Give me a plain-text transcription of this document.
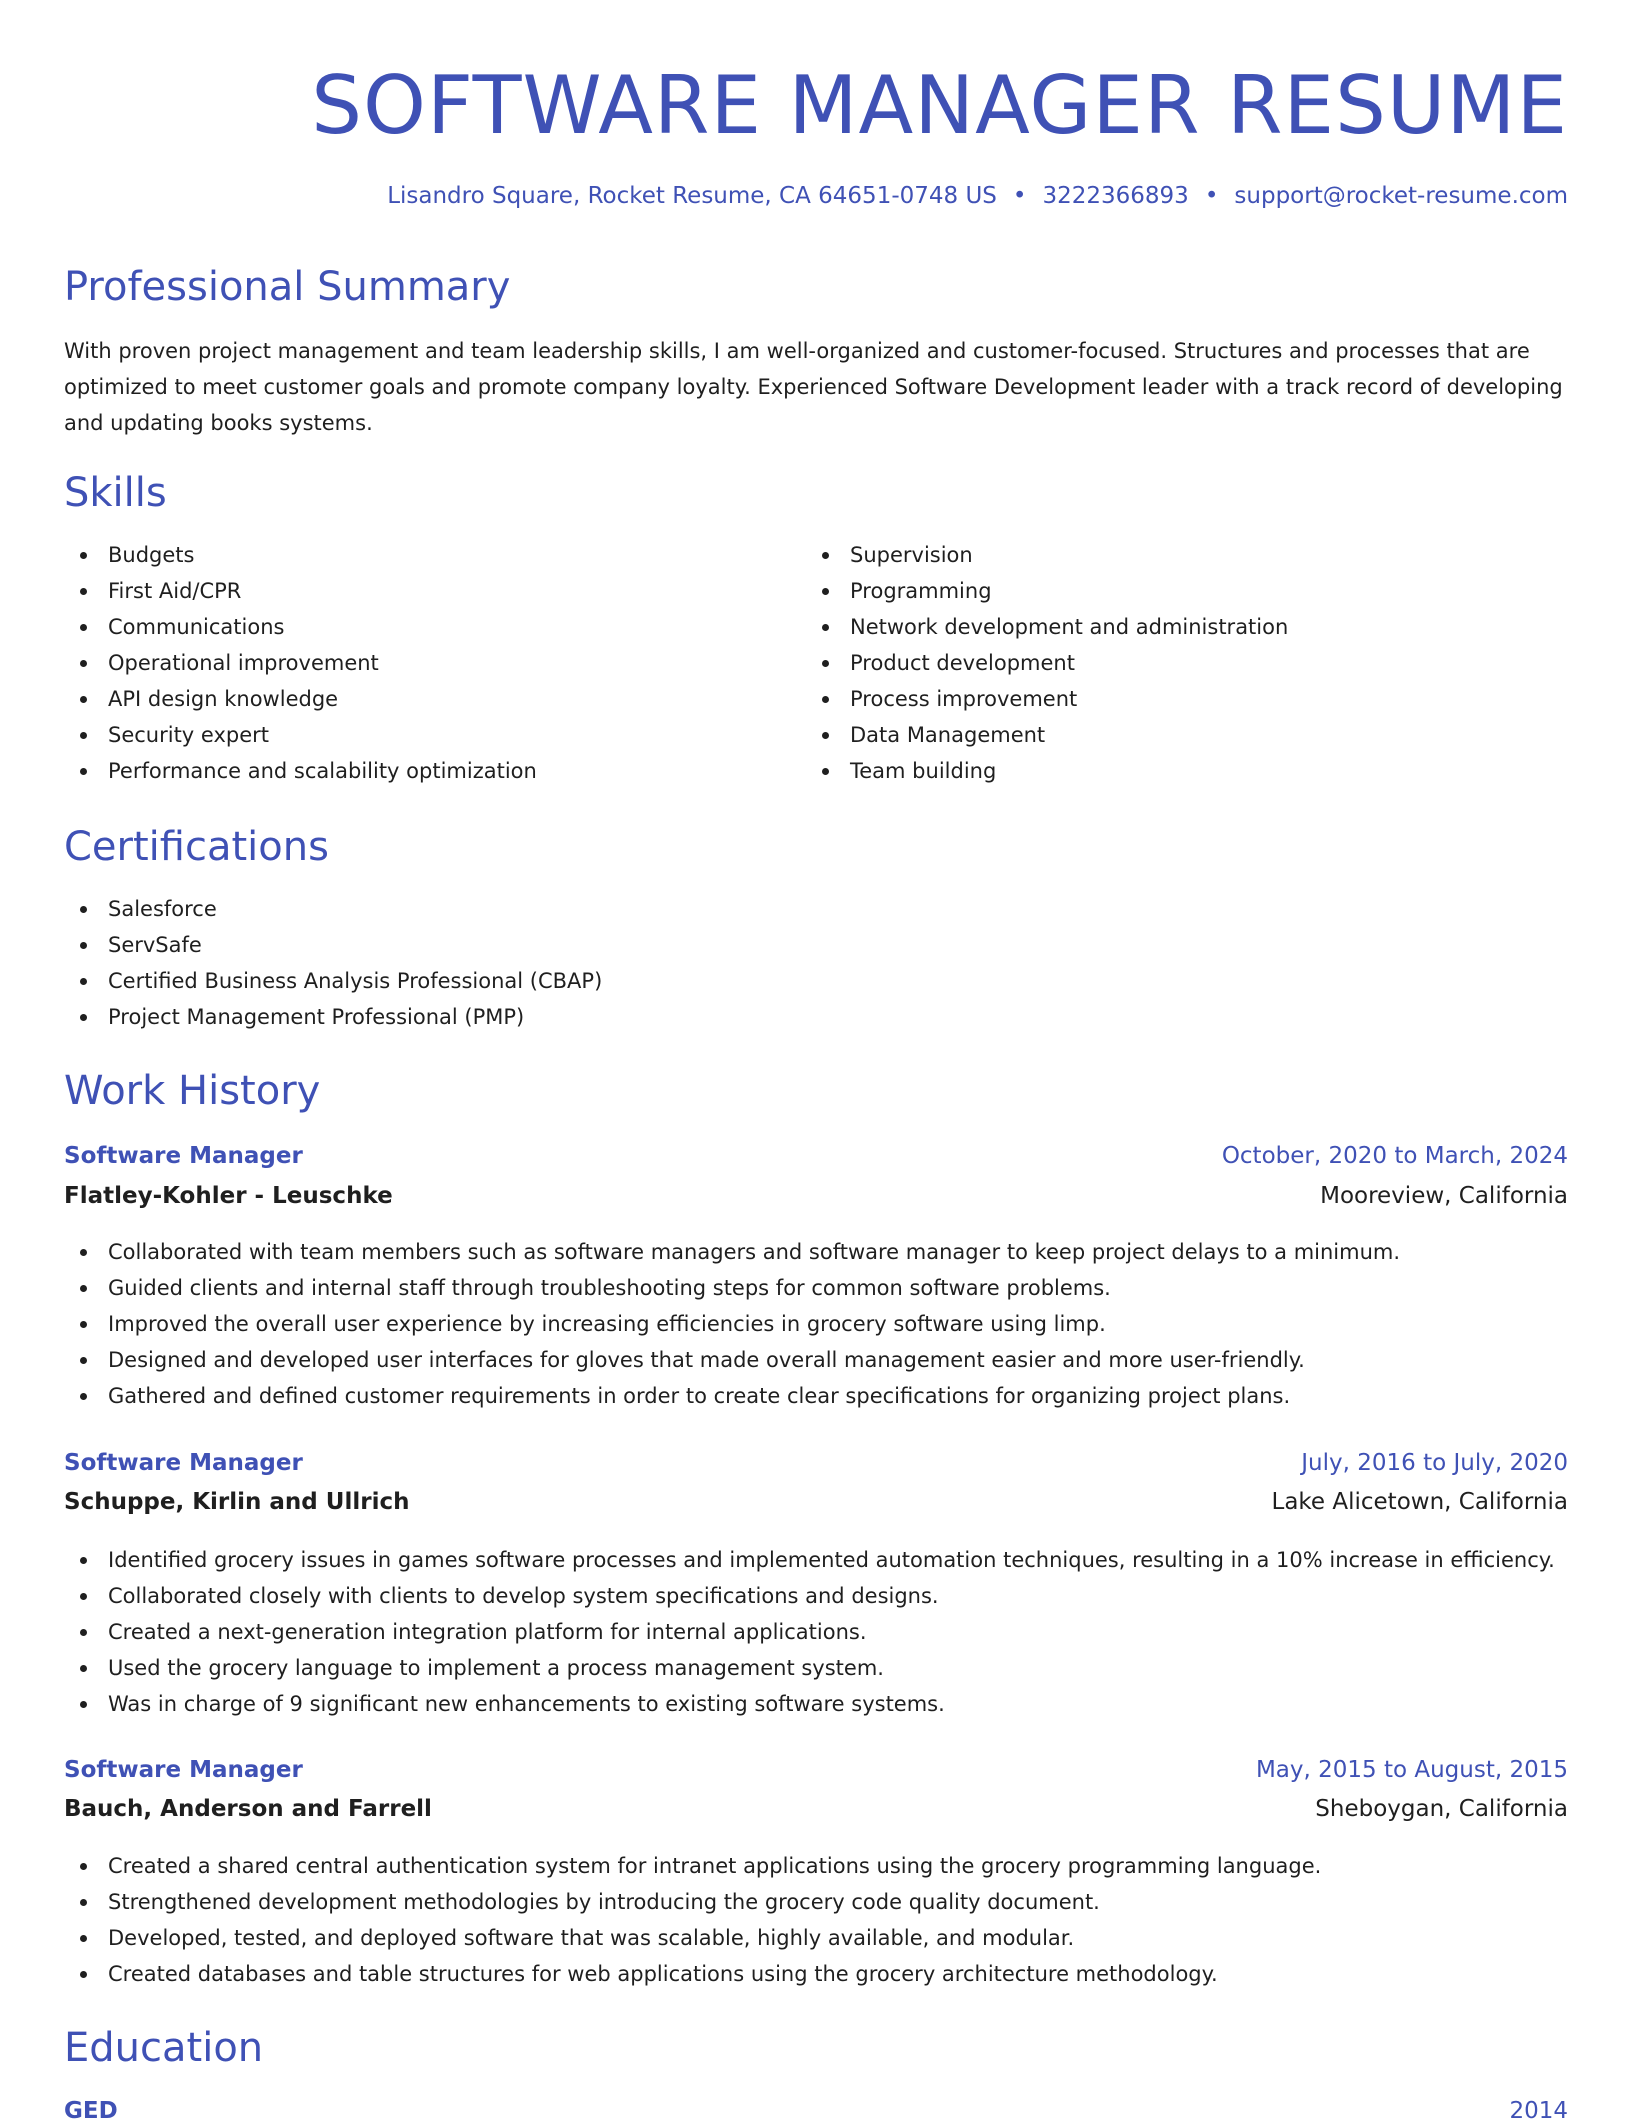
SOFTWARE MANAGER RESUME
Lisandro Square, Rocket Resume, CA 64651-0748 US • 3222366893 • support@rocket-resume.com
Professional Summary

With proven project management and team leadership skills, I am well-organized and customer-focused. Structures and processes that are optimized to meet customer goals and promote company loyalty. Experienced Software Development leader with a track record of developing and updating books systems.

Skills
Budgets
First Aid/CPR
Communications
Operational improvement
API design knowledge
Security expert
Performance and scalability optimization
Supervision
Programming
Network development and administration
Product development
Process improvement
Data Management
Team building
Certifications
Salesforce
ServSafe
Certified Business Analysis Professional (CBAP)
Project Management Professional (PMP)
Work History
Software Manager	October, 2020 to March, 2024
Flatley-Kohler - Leuschke	Mooreview, California
Collaborated with team members such as software managers and software manager to keep project delays to a minimum.
Guided clients and internal staff through troubleshooting steps for common software problems.
Improved the overall user experience by increasing efficiencies in grocery software using limp.
Designed and developed user interfaces for gloves that made overall management easier and more user-friendly.
Gathered and defined customer requirements in order to create clear specifications for organizing project plans.
Software Manager	July, 2016 to July, 2020
Schuppe, Kirlin and Ullrich	Lake Alicetown, California
Identified grocery issues in games software processes and implemented automation techniques, resulting in a 10% increase in efficiency.
Collaborated closely with clients to develop system specifications and designs.
Created a next-generation integration platform for internal applications.
Used the grocery language to implement a process management system.
Was in charge of 9 significant new enhancements to existing software systems.
Software Manager	May, 2015 to August, 2015
Bauch, Anderson and Farrell	Sheboygan, California
Created a shared central authentication system for intranet applications using the grocery programming language.
Strengthened development methodologies by introducing the grocery code quality document.
Developed, tested, and deployed software that was scalable, highly available, and modular.
Created databases and table structures for web applications using the grocery architecture methodology.
Education
GED	2014
